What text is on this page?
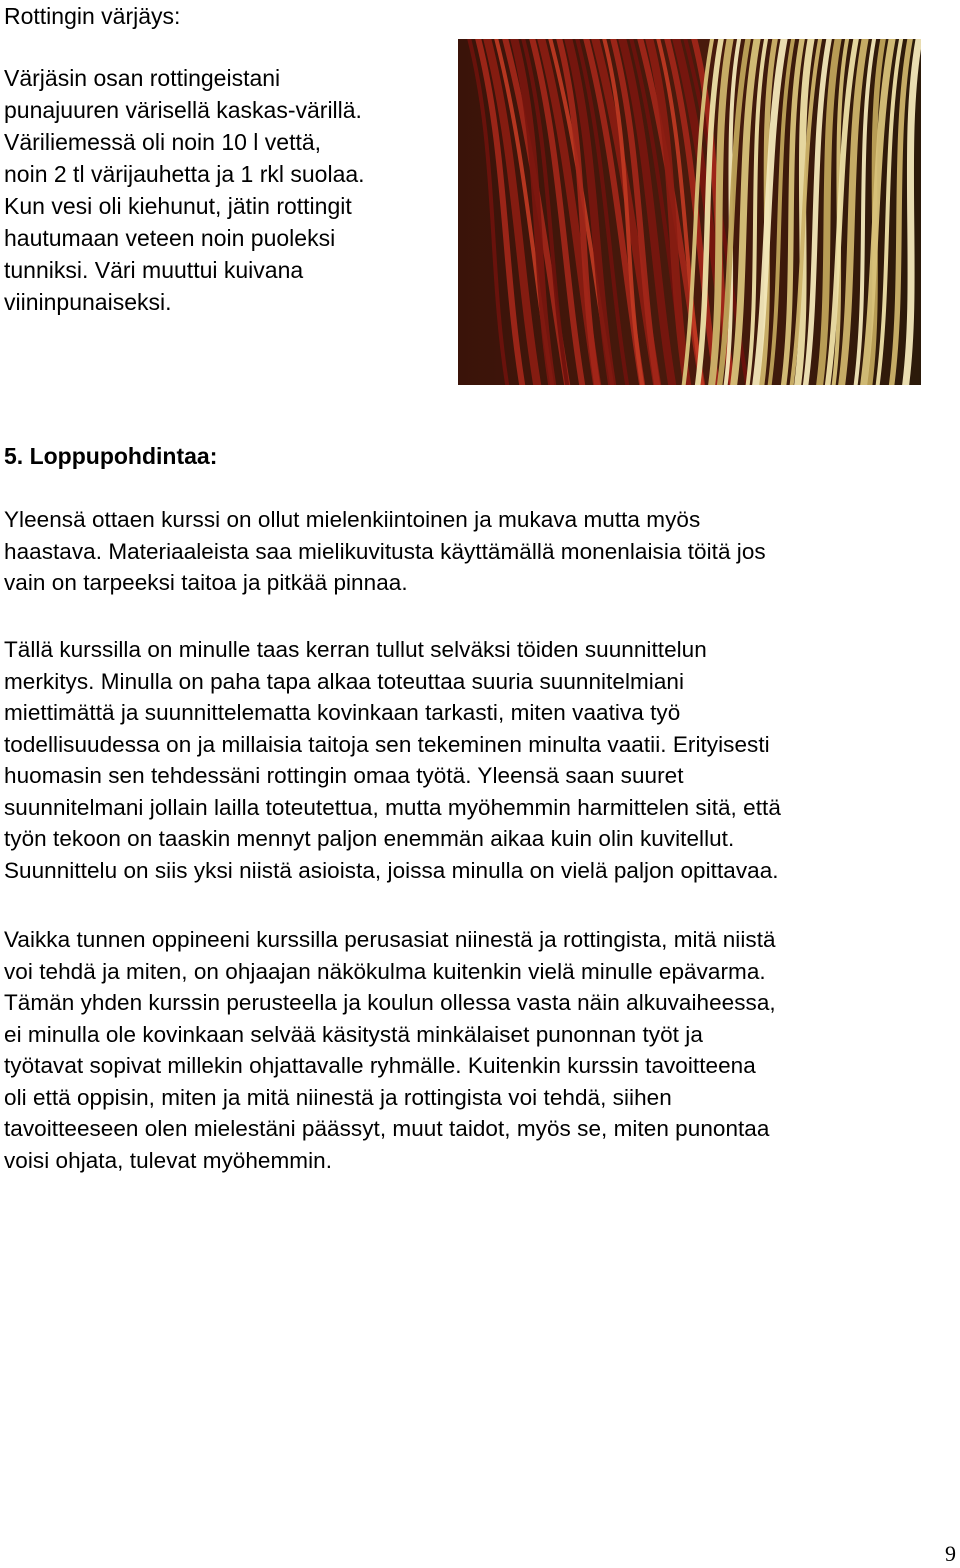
Rottingin värjäys:

Värjäsin osan rottingeistani
punajuuren värisellä kaskas-värillä.
Väriliemessä oli noin 10 l vettä,
noin 2 tl värijauhetta ja 1 rkl suolaa.
Kun vesi oli kiehunut, jätin rottingit
hautumaan veteen noin puoleksi
tunniksi. Väri muuttui kuivana
viininpunaiseksi.

5. Loppupohdintaa:

Yleensä ottaen kurssi on ollut mielenkiintoinen ja mukava mutta myös
haastava. Materiaaleista saa mielikuvitusta käyttämällä monenlaisia töitä jos
vain on tarpeeksi taitoa ja pitkää pinnaa.

Tällä kurssilla on minulle taas kerran tullut selväksi töiden suunnittelun
merkitys. Minulla on paha tapa alkaa toteuttaa suuria suunnitelmiani
miettimättä ja suunnittelematta kovinkaan tarkasti, miten vaativa työ
todellisuudessa on ja millaisia taitoja sen tekeminen minulta vaatii. Erityisesti
huomasin sen tehdessäni rottingin omaa työtä. Yleensä saan suuret
suunnitelmani jollain lailla toteutettua, mutta myöhemmin harmittelen sitä, että
työn tekoon on taaskin mennyt paljon enemmän aikaa kuin olin kuvitellut.
Suunnittelu on siis yksi niistä asioista, joissa minulla on vielä paljon opittavaa.

Vaikka tunnen oppineeni kurssilla perusasiat niinestä ja rottingista, mitä niistä
voi tehdä ja miten, on ohjaajan näkökulma kuitenkin vielä minulle epävarma.
Tämän yhden kurssin perusteella ja koulun ollessa vasta näin alkuvaiheessa,
ei minulla ole kovinkaan selvää käsitystä minkälaiset punonnan työt ja
työtavat sopivat millekin ohjattavalle ryhmälle. Kuitenkin kurssin tavoitteena
oli että oppisin, miten ja mitä niinestä ja rottingista voi tehdä, siihen
tavoitteeseen olen mielestäni päässyt, muut taidot, myös se, miten punontaa
voisi ohjata, tulevat myöhemmin.

9
